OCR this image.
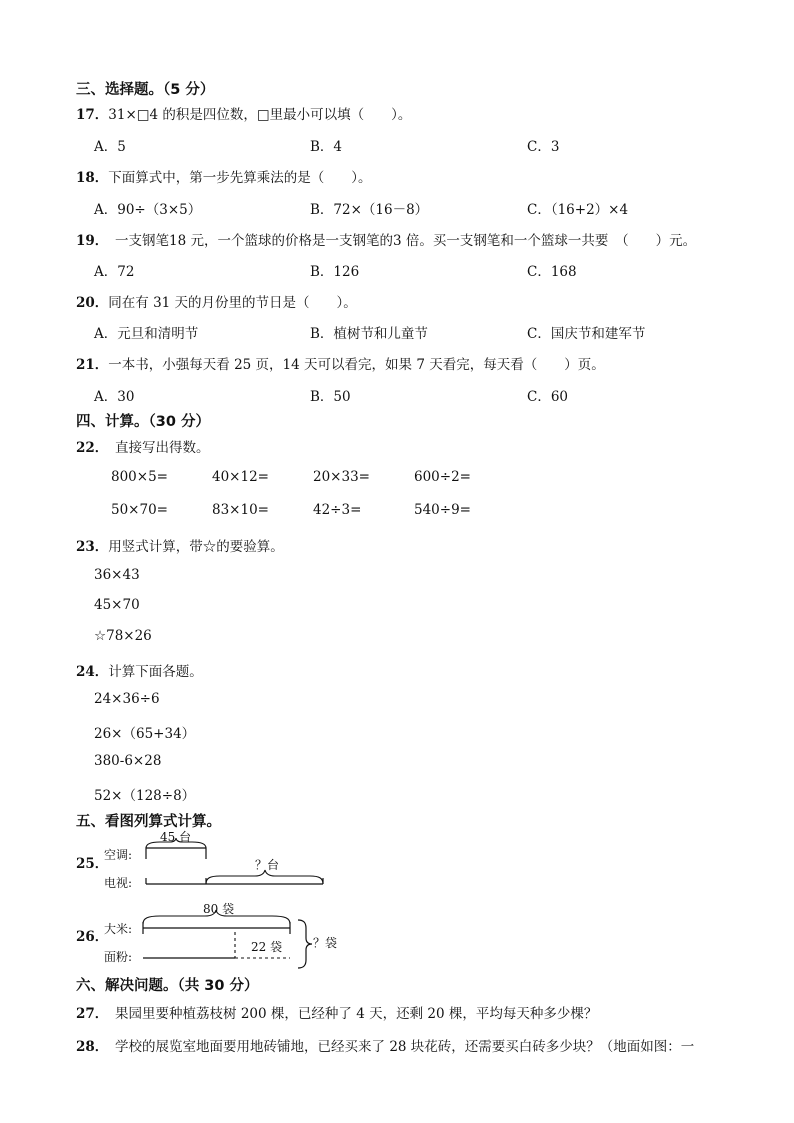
三、选择题。（5 分）
17．31×□4 的积是四位数，□里最小可以填（　　）。
A．5	B．4	C．3
18．下面算式中，第一步先算乘法的是（　　）。
A．90÷（3×5）	B．72×（16－8）	C．（16+2）×4
19．　一支钢笔18 元，一个篮球的价格是一支钢笔的3 倍。买一支钢笔和一个篮球一共要　（　　）元。
A．72	B．126	C．168
20．同在有 31 天的月份里的节日是（　　）。
A．元旦和清明节	B．植树节和儿童节	C．国庆节和建军节
21．一本书，小强每天看 25 页，14 天可以看完，如果 7 天看完，每天看（　　）页。
A．30	B．50	C．60
四、计算。（30 分）
22．　直接写出得数。
800×5=	40×12=	20×33=	600÷2=
50×70=	83×10=	42÷3=	540÷9=
23．用竖式计算，带☆的要验算。
36×43
45×70
☆78×26
24．计算下面各题。
24×36÷6
26×（65+34）
380-6×28
52×（128÷8）
五、看图列算式计算。
25．
空调:
电视:
45 台
？台
26．
大米:
面粉:
80 袋
22 袋	？袋
六、解决问题。（共 30 分）
27．　果园里要种植荔枝树 200 棵，已经种了 4 天，还剩 20 棵，平均每天种多少棵？
28．　学校的展览室地面要用地砖铺地，已经买来了 28 块花砖，还需要买白砖多少块？（地面如图：一
